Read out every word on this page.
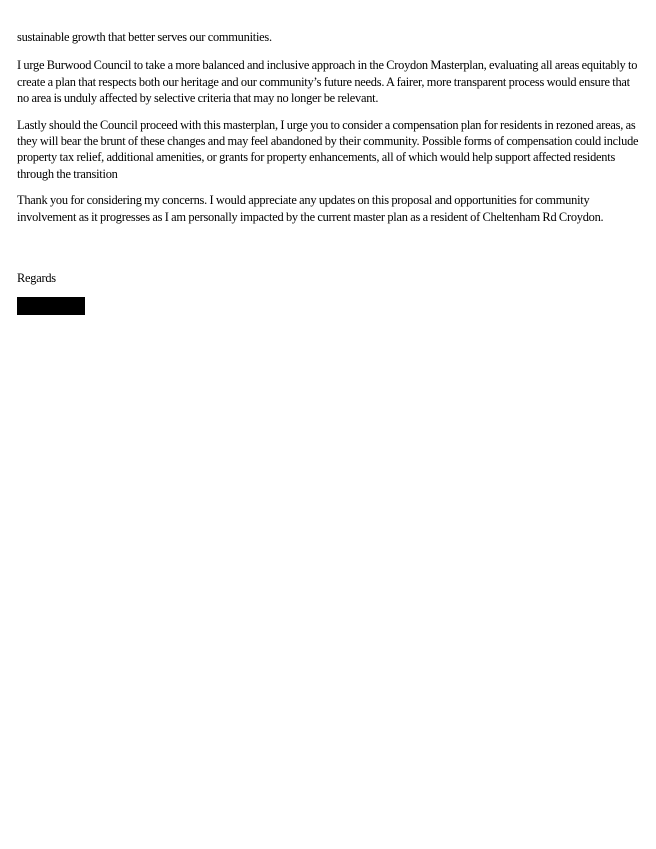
sustainable growth that better serves our communities.

I urge Burwood Council to take a more balanced and inclusive approach in the Croydon Masterplan, evaluating all areas equitably to create a plan that respects both our heritage and our community’s future needs. A fairer, more transparent process would ensure that no area is unduly affected by selective criteria that may no longer be relevant.

Lastly should the Council proceed with this masterplan, I urge you to consider a compensation plan for residents in rezoned areas, as they will bear the brunt of these changes and may feel abandoned by their community. Possible forms of compensation could include property tax relief, additional amenities, or grants for property enhancements, all of which would help support affected residents through the transition

Thank you for considering my concerns. I would appreciate any updates on this proposal and opportunities for community involvement as it progresses as I am personally impacted by the current master plan as a resident of Cheltenham Rd Croydon.

Regards
